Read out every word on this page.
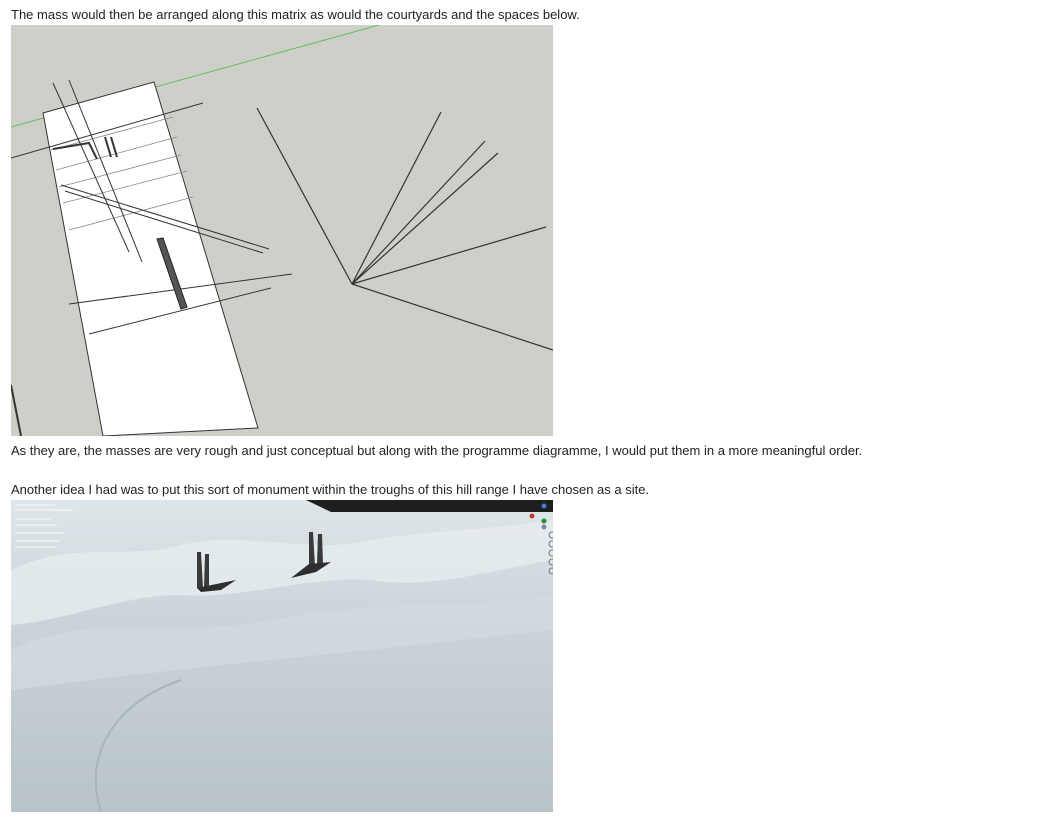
The mass would then be arranged along this matrix as would the courtyards and the spaces below.

As they are, the masses are very rough and just conceptual but along with the programme diagramme, I would put them in a more meaningful order.

Another idea I had was to put this sort of monument within the troughs of this hill range I have chosen as a site.
